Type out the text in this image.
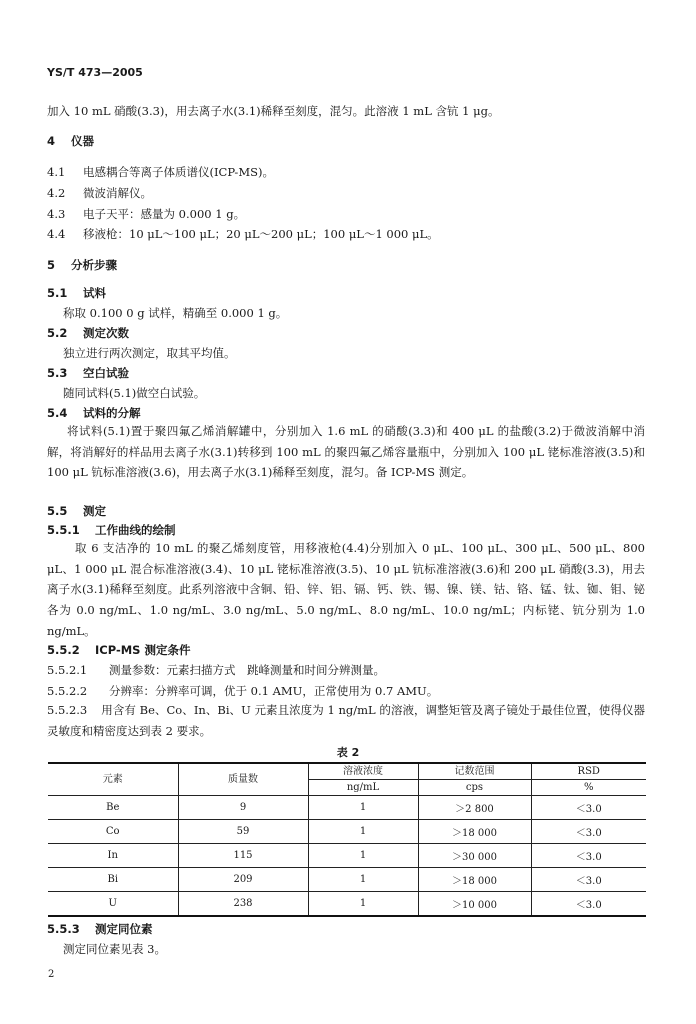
YS/T 473—2005
加入 10 mL 硝酸(3.3)，用去离子水(3.1)稀释至刻度，混匀。此溶液 1 mL 含钪 1 μg。
4 仪器
4.1 电感耦合等离子体质谱仪(ICP-MS)。
4.2 微波消解仪。
4.3 电子天平：感量为 0.000 1 g。
4.4 移液枪：10 μL～100 μL；20 μL～200 μL；100 μL～1 000 μL。
5 分析步骤
5.1 试料
称取 0.100 0 g 试样，精确至 0.000 1 g。
5.2 测定次数
独立进行两次测定，取其平均值。
5.3 空白试验
随同试料(5.1)做空白试验。
5.4 试料的分解
将试料(5.1)置于聚四氟乙烯消解罐中，分别加入 1.6 mL 的硝酸(3.3)和 400 μL 的盐酸(3.2)于微波消解中消解，将消解好的样品用去离子水(3.1)转移到 100 mL 的聚四氟乙烯容量瓶中，分别加入 100 μL 铑标准溶液(3.5)和 100 μL 钪标准溶液(3.6)，用去离子水(3.1)稀释至刻度，混匀。备 ICP-MS 测定。
5.5 测定
5.5.1 工作曲线的绘制
取 6 支洁净的 10 mL 的聚乙烯刻度管，用移液枪(4.4)分别加入 0 μL、100 μL、300 μL、500 μL、800 μL、1 000 μL 混合标准溶液(3.4)、10 μL 铑标准溶液(3.5)、10 μL 钪标准溶液(3.6)和 200 μL 硝酸(3.3)，用去离子水(3.1)稀释至刻度。此系列溶液中含铜、铅、锌、铝、镉、钙、铁、锡、镍、镁、钴、铬、锰、钛、铷、钼、铋各为 0.0 ng/mL、1.0 ng/mL、3.0 ng/mL、5.0 ng/mL、8.0 ng/mL、10.0 ng/mL；内标铑、钪分别为 1.0 ng/mL。
5.5.2 ICP-MS 测定条件
5.5.2.1 测量参数：元素扫描方式　跳峰测量和时间分辨测量。
5.5.2.2 分辨率：分辨率可调，优于 0.1 AMU，正常使用为 0.7 AMU。
5.5.2.3 用含有 Be、Co、In、Bi、U 元素且浓度为 1 ng/mL 的溶液，调整矩管及离子镜处于最佳位置，使得仪器灵敏度和精密度达到表 2 要求。
表 2
元素	质量数	溶液浓度	记数范围	RSD
		ng/mL	cps	%
Be	9	1	＞2 800	＜3.0
Co	59	1	＞18 000	＜3.0
In	115	1	＞30 000	＜3.0
Bi	209	1	＞18 000	＜3.0
U	238	1	＞10 000	＜3.0
5.5.3 测定同位素
测定同位素见表 3。
2
